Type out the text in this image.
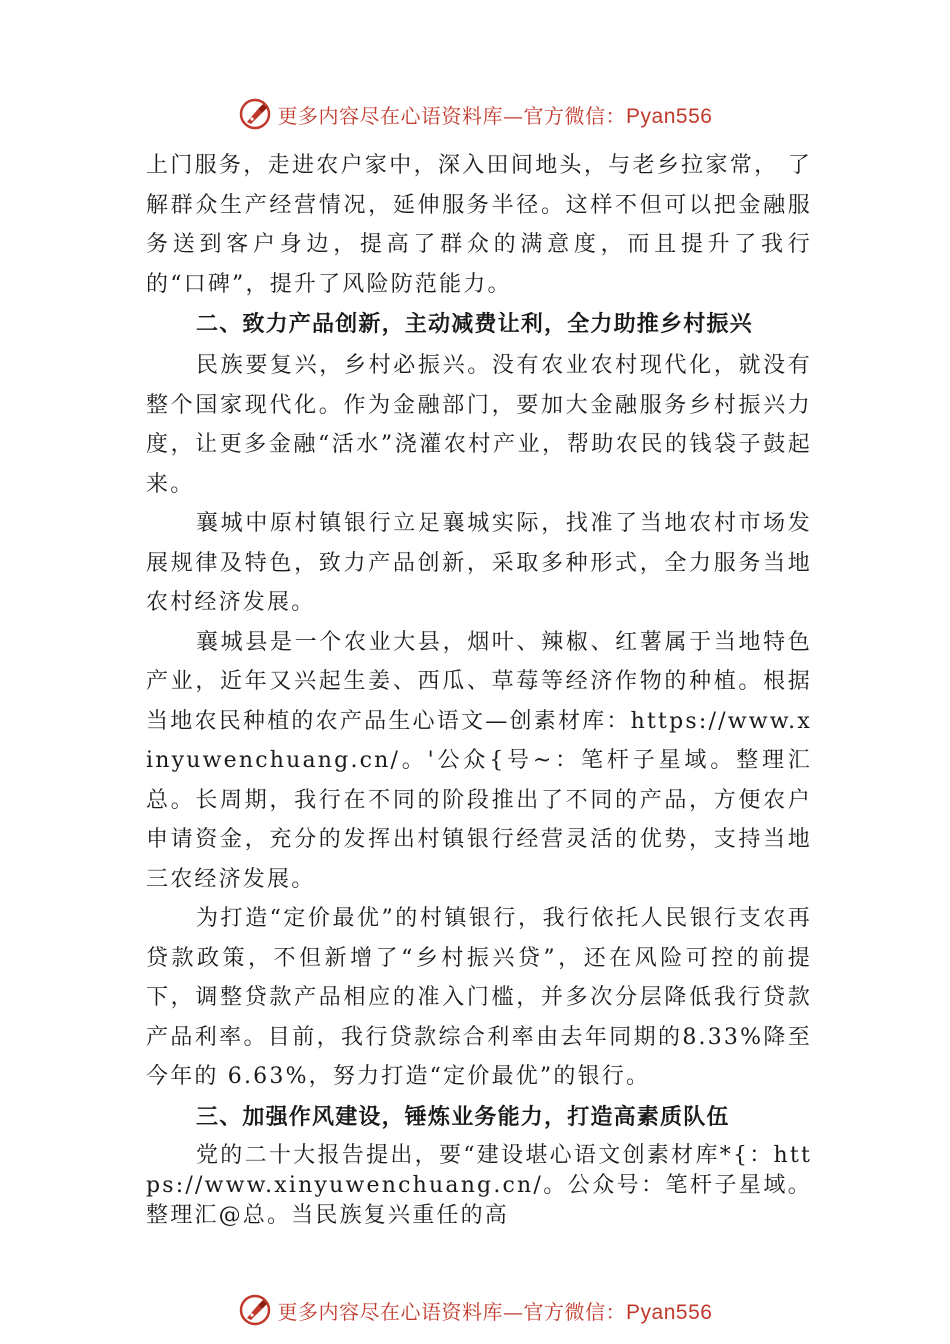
更多内容尽在心语资料库—官方微信：Pyan556

上门服务，走进农户家中，深入田间地头，与老乡拉家常， 了解群众生产经营情况，延伸服务半径。这样不但可以把金融服务送到客户身边，提高了群众的满意度，而且提升了我行的“口碑”，提升了风险防范能力。

二、致力产品创新，主动减费让利，全力助推乡村振兴

民族要复兴，乡村必振兴。没有农业农村现代化，就没有整个国家现代化。作为金融部门，要加大金融服务乡村振兴力度，让更多金融“活水”浇灌农村产业，帮助农民的钱袋子鼓起来。

襄城中原村镇银行立足襄城实际，找准了当地农村市场发展规律及特色，致力产品创新，采取多种形式，全力服务当地农村经济发展。

襄城县是一个农业大县，烟叶、辣椒、红薯属于当地特色产业，近年又兴起生姜、西瓜、草莓等经济作物的种植。根据当地农民种植的农产品生心语文—创素材库：https://www.xinyuwenchuang.cn/。'公众{号~：笔杆子星域。整理汇总。长周期，我行在不同的阶段推出了不同的产品，方便农户申请资金，充分的发挥出村镇银行经营灵活的优势，支持当地三农经济发展。

为打造“定价最优”的村镇银行，我行依托人民银行支农再贷款政策，不但新增了“乡村振兴贷”，还在风险可控的前提下，调整贷款产品相应的准入门槛，并多次分层降低我行贷款产品利率。目前，我行贷款综合利率由去年同期的8.33%降至今年的 6.63%，努力打造“定价最优”的银行。

三、加强作风建设，锤炼业务能力，打造高素质队伍

党的二十大报告提出，要“建设堪心语文创素材库*{：https://www.xinyuwenchuang.cn/。公众号：笔杆子星域。整理汇@总。当民族复兴重任的高

更多内容尽在心语资料库—官方微信：Pyan556
